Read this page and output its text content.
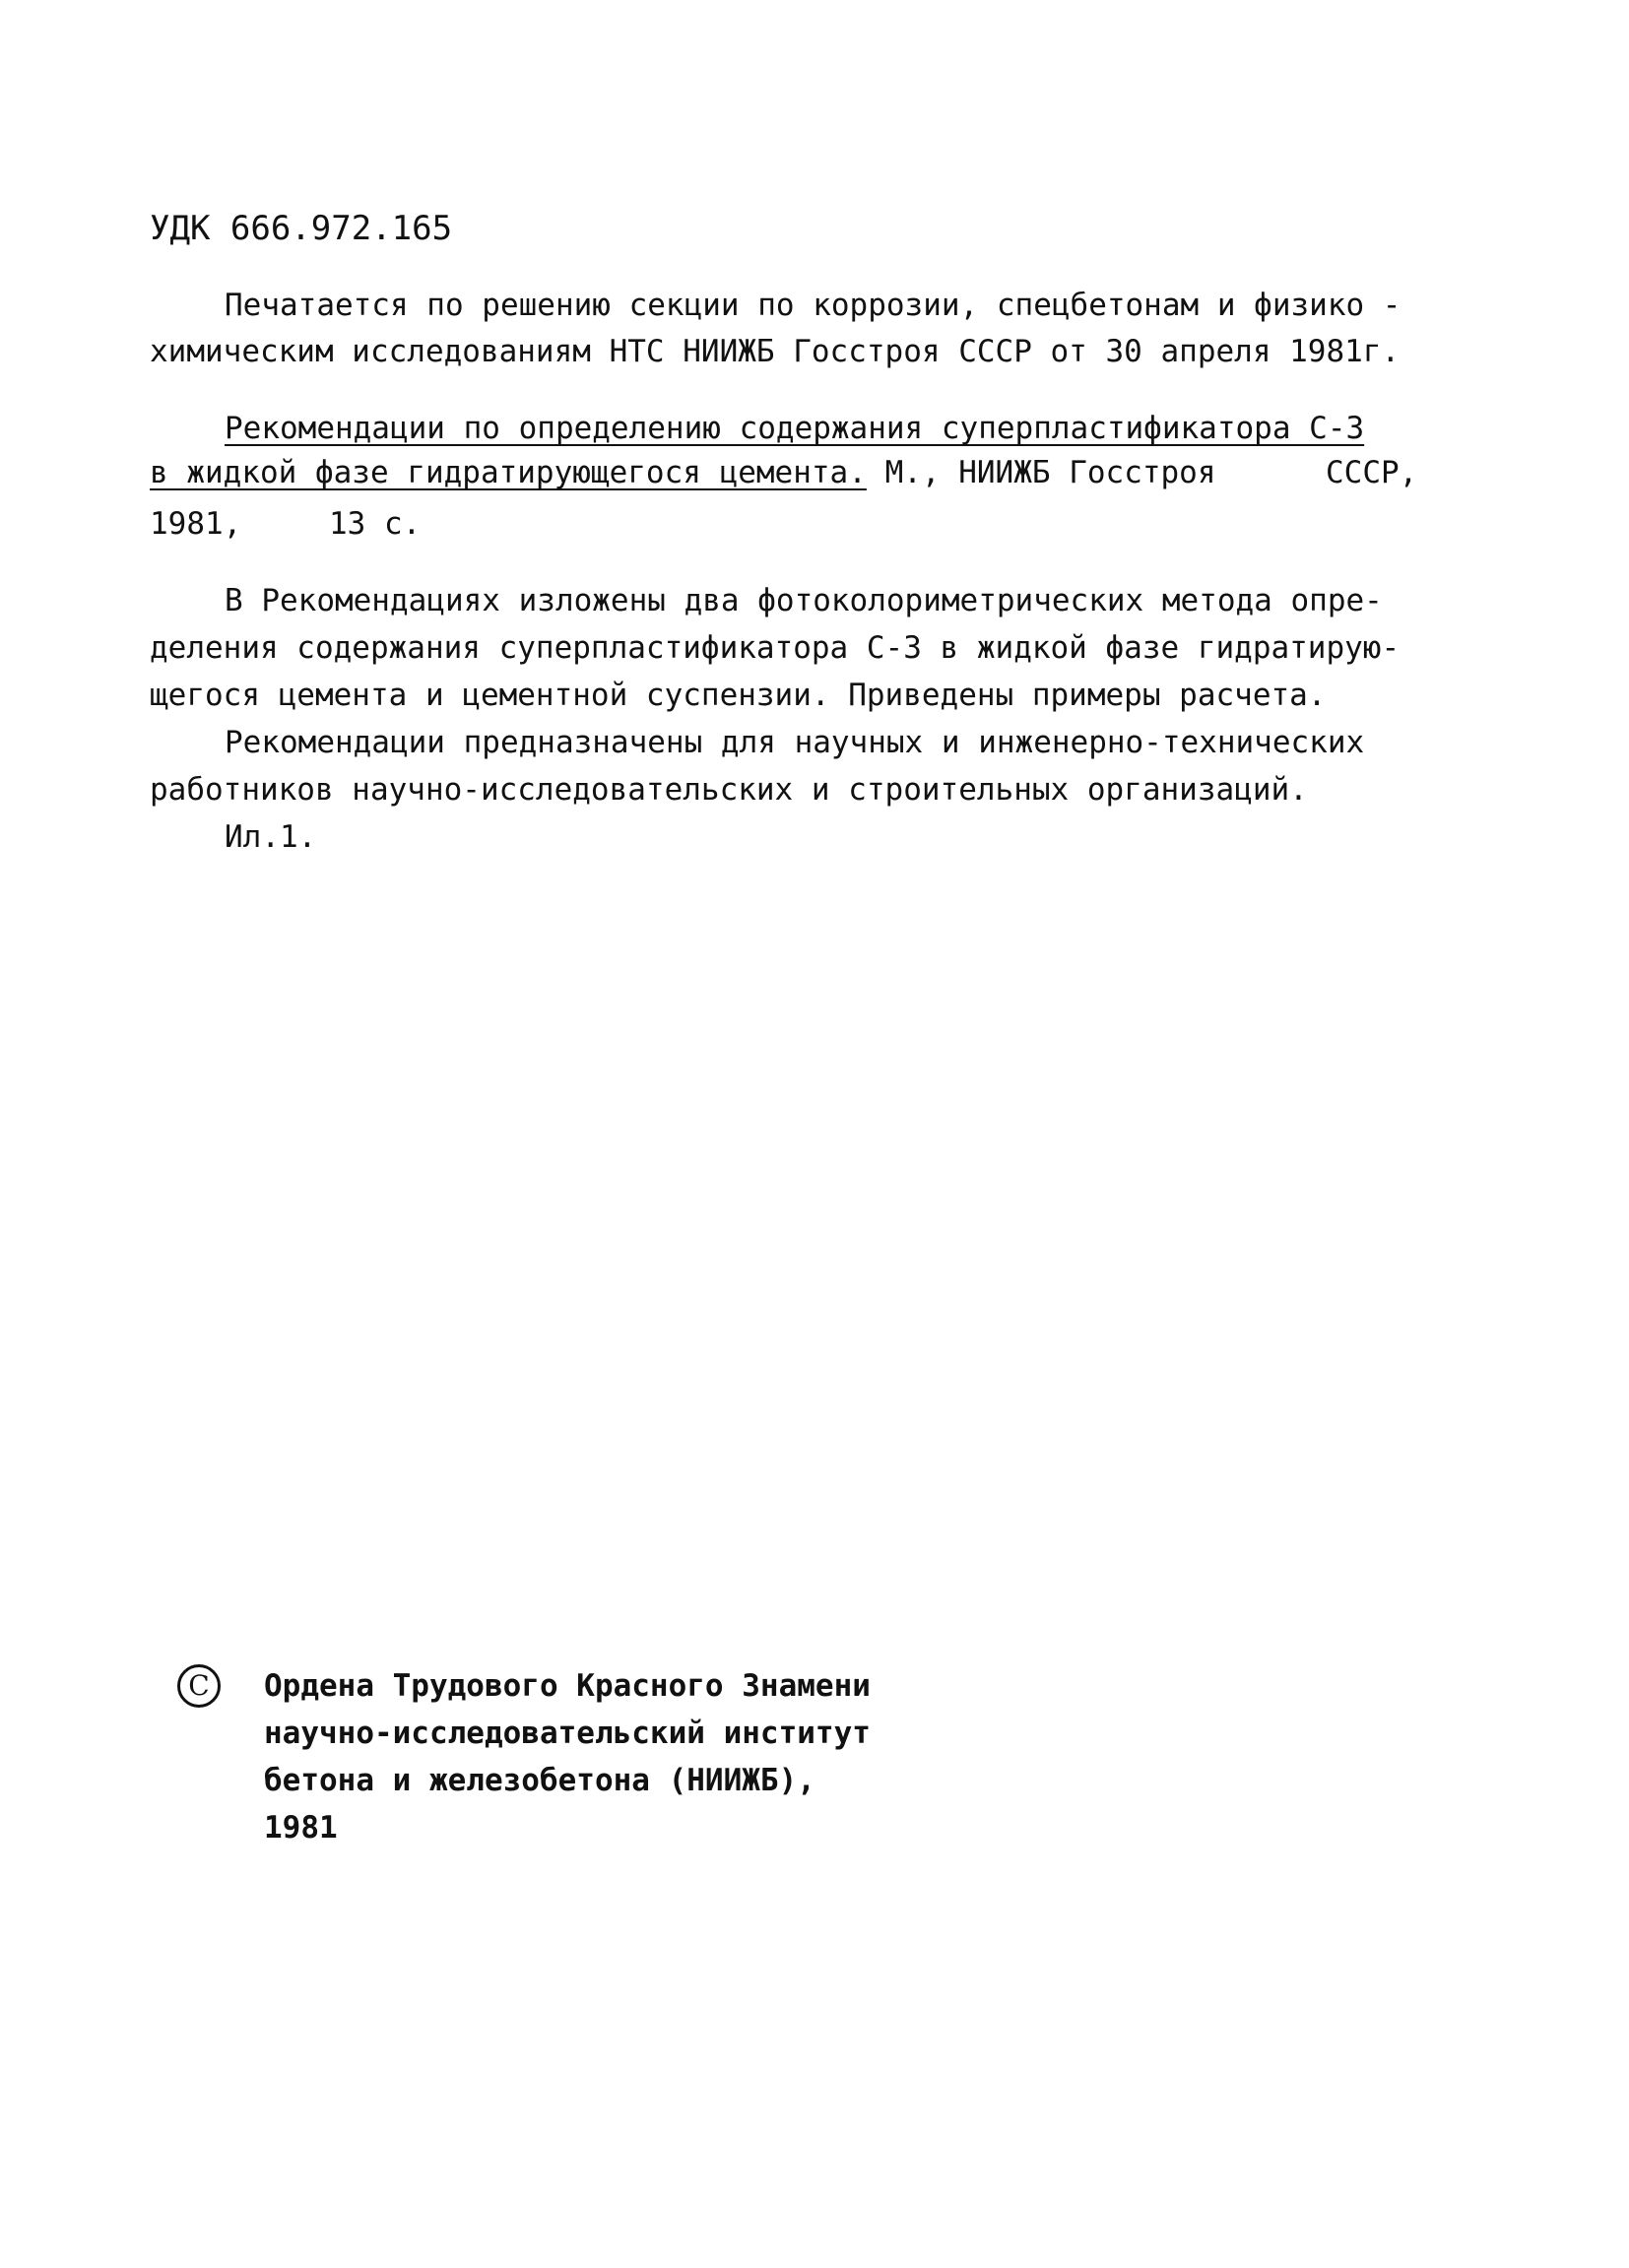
УДК 666.972.165
Печатается по решению секции по коррозии, спецбетонам и физико -
химическим исследованиям НТС НИИЖБ Госстроя СССР от 30 апреля 1981г.
Рекомендации по определению содержания суперпластификатора С-3
в жидкой фазе гидратирующегося цемента. М., НИИЖБ Госстроя	СССР,
1981,	13 с.
В Рекомендациях изложены два фотоколориметрических метода опре-
деления содержания суперпластификатора С-3 в жидкой фазе гидратирую-
щегося цемента и цементной суспензии. Приведены примеры расчета.
Рекомендации предназначены для научных и инженерно-технических
работников научно-исследовательских и строительных организаций.
Ил.1.
C	Ордена Трудового Красного Знамени
научно-исследовательский институт
бетона и железобетона (НИИЖБ),
1981
